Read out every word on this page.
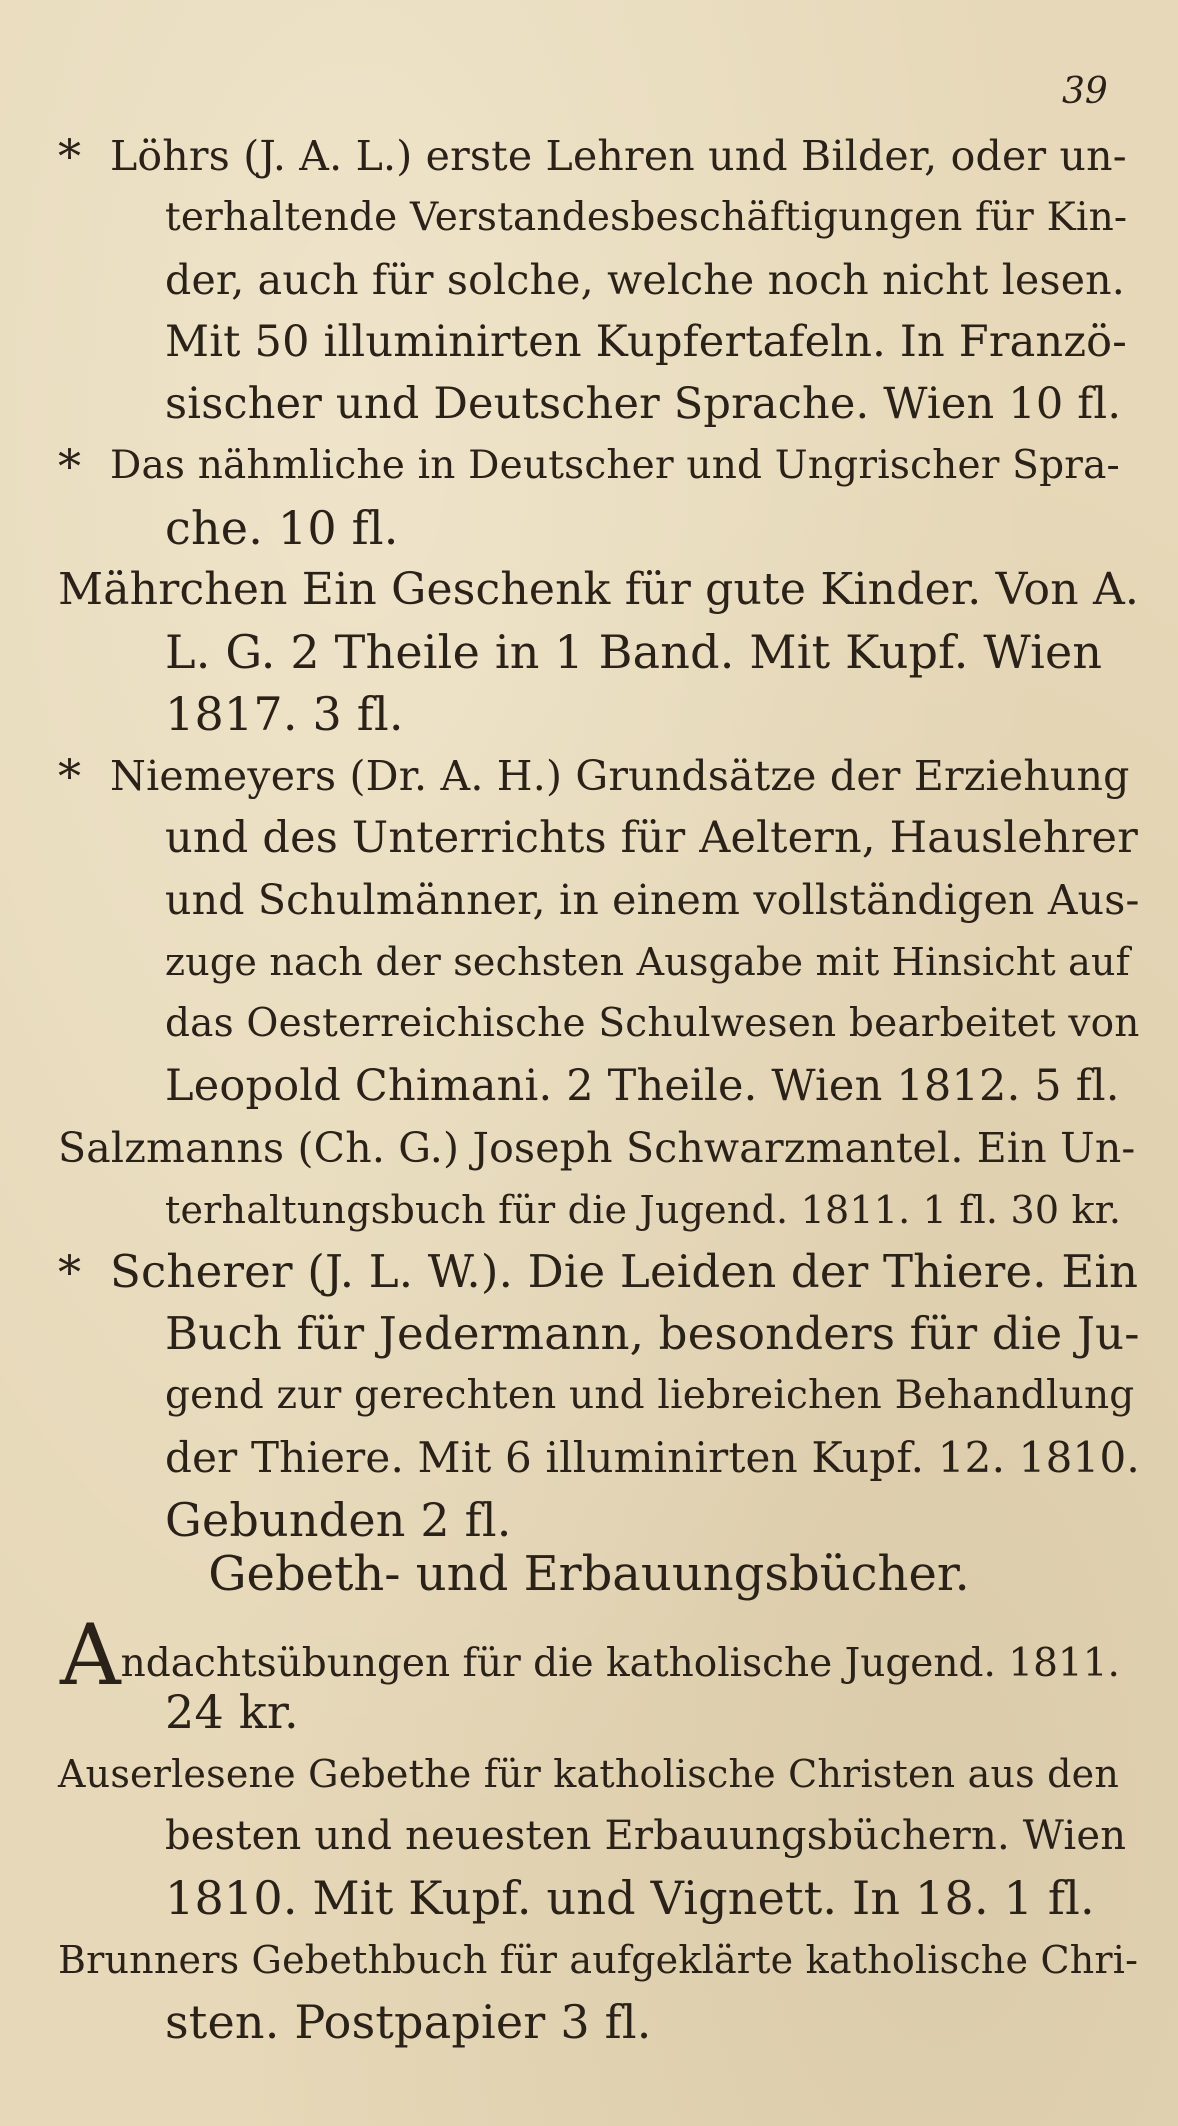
39
* Löhrs (J. A. L.) erste Lehren und Bilder, oder un-
terhaltende Verstandesbeschäftigungen für Kin-
der, auch für solche, welche noch nicht lesen.
Mit 50 illuminirten Kupfertafeln. In Franzö-
sischer und Deutscher Sprache. Wien 10 fl.
* Das nähmliche in Deutscher und Ungrischer Spra-
che. 10 fl.
Mährchen Ein Geschenk für gute Kinder. Von A.
L. G. 2 Theile in 1 Band. Mit Kupf. Wien
1817. 3 fl.
* Niemeyers (Dr. A. H.) Grundsätze der Erziehung
und des Unterrichts für Aeltern, Hauslehrer
und Schulmänner, in einem vollständigen Aus-
zuge nach der sechsten Ausgabe mit Hinsicht auf
das Oesterreichische Schulwesen bearbeitet von
Leopold Chimani. 2 Theile. Wien 1812. 5 fl.
Salzmanns (Ch. G.) Joseph Schwarzmantel. Ein Un-
terhaltungsbuch für die Jugend. 1811. 1 fl. 30 kr.
* Scherer (J. L. W.). Die Leiden der Thiere. Ein
Buch für Jedermann, besonders für die Ju-
gend zur gerechten und liebreichen Behandlung
der Thiere. Mit 6 illuminirten Kupf. 12. 1810.
Gebunden 2 fl.
Gebeth- und Erbauungsbücher.
Andachtsübungen für die katholische Jugend. 1811.
24 kr.
Auserlesene Gebethe für katholische Christen aus den
besten und neuesten Erbauungsbüchern. Wien
1810. Mit Kupf. und Vignett. In 18. 1 fl.
Brunners Gebethbuch für aufgeklärte katholische Chri-
sten. Postpapier 3 fl.
